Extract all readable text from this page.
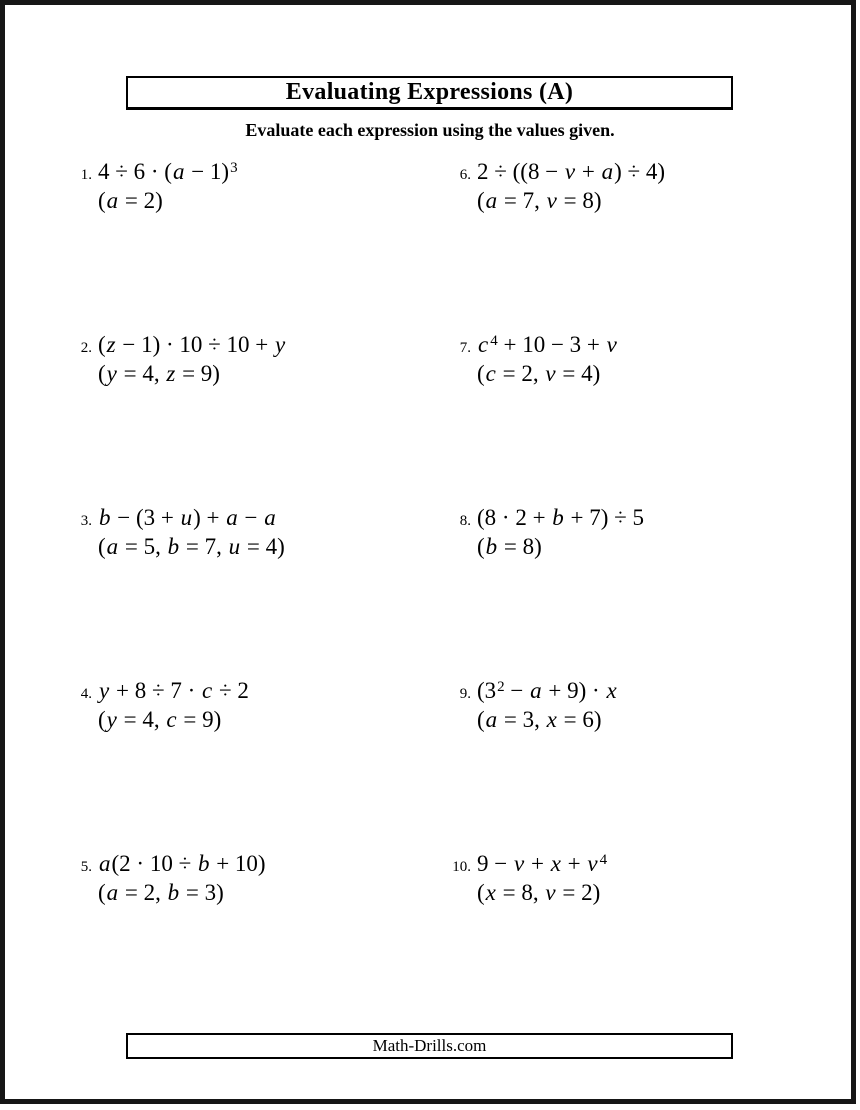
Evaluating Expressions (A)

Evaluate each expression using the values given.

1. $4 \div 6 \cdot (a - 1)^3$
(a = 2)
2. (z − 1) · 10 ÷ 10 + y
(y = 4, z = 9)
3. b − (3 + u) + a − a
(a = 5, b = 7, u = 4)
4. y + 8 ÷ 7 · c ÷ 2
(y = 4, c = 9)
5. a(2 · 10 ÷ b + 10)
(a = 2, b = 3)
6. 2 ÷ ((8 − v + a) ÷ 4)
(a = 7, v = 8)
7. c $^4$ + 10 − 3 + v
(c = 2, v = 4)
8. (8 · 2 + b + 7) ÷ 5
(b = 8)
9. $(3^2 - a + 9) \cdot x$
(a = 3, x = 6)
10. 9 − v + x + v $^4$
(x = 8, v = 2)
Math-Drills.com
